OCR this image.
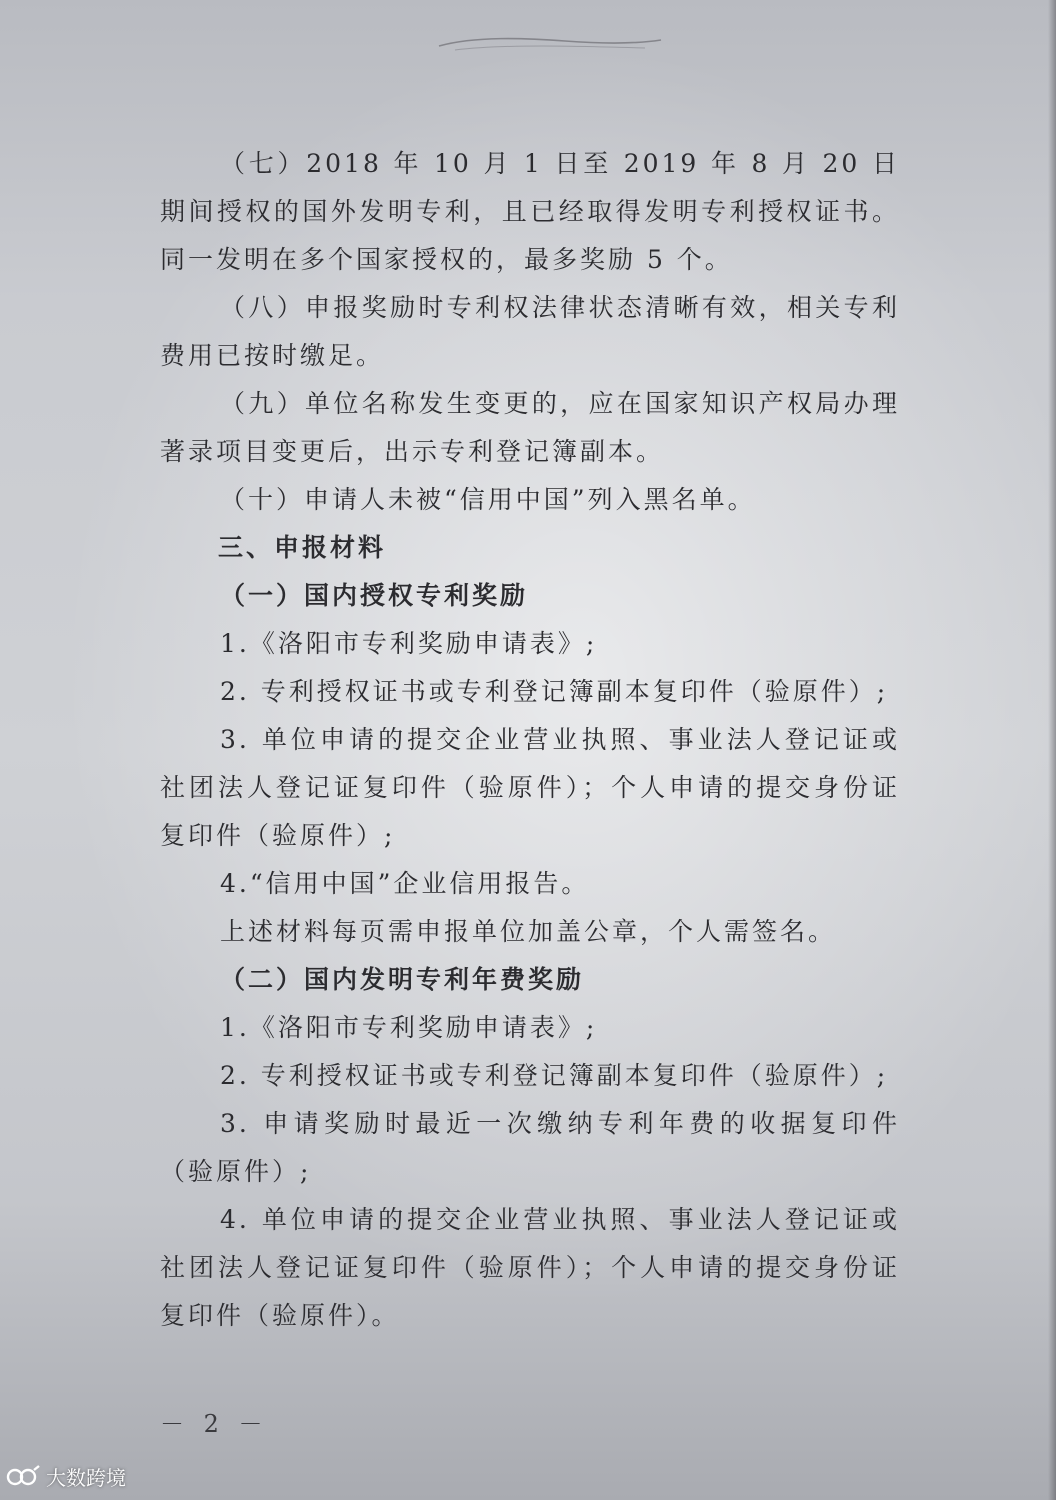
（七）2018 年 10 月 1 日至 2019 年 8 月 20 日期间授权的国外发明专利，且已经取得发明专利授权证书。同一发明在多个国家授权的，最多奖励 5 个。

（八）申报奖励时专利权法律状态清晰有效，相关专利费用已按时缴足。

（九）单位名称发生变更的，应在国家知识产权局办理著录项目变更后，出示专利登记簿副本。

（十）申请人未被“信用中国”列入黑名单。

三、申报材料

（一）国内授权专利奖励

1.《洛阳市专利奖励申请表》;

2. 专利授权证书或专利登记簿副本复印件（验原件）;

3. 单位申请的提交企业营业执照、事业法人登记证或社团法人登记证复印件（验原件）；个人申请的提交身份证复印件（验原件）;

4.“信用中国”企业信用报告。

上述材料每页需申报单位加盖公章，个人需签名。

（二）国内发明专利年费奖励

1.《洛阳市专利奖励申请表》;

2. 专利授权证书或专利登记簿副本复印件（验原件）;

3. 申请奖励时最近一次缴纳专利年费的收据复印件（验原件）;

4. 单位申请的提交企业营业执照、事业法人登记证或社团法人登记证复印件（验原件）；个人申请的提交身份证复印件（验原件）。

－ 2 －
大数跨境
